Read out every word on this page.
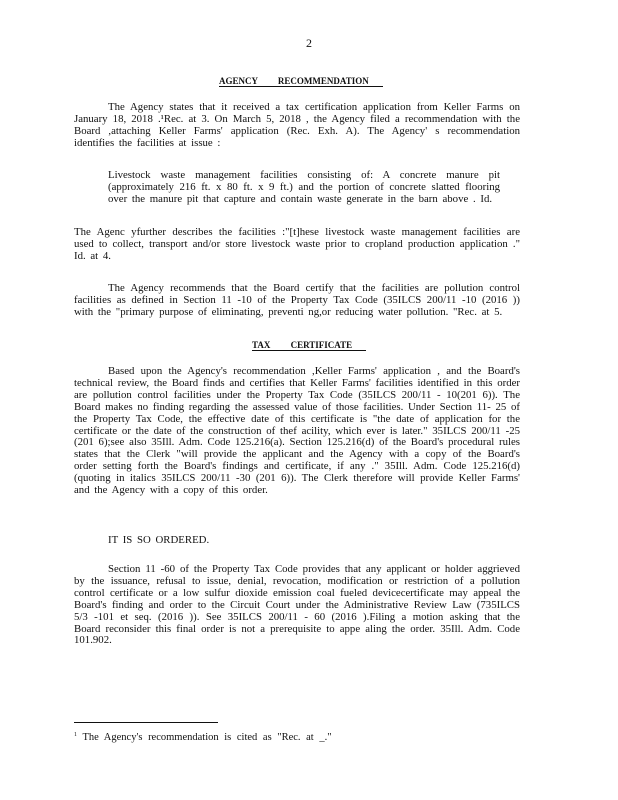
2
AGENCY RECOMMENDATION

The Agency states that it received a tax certification application from Keller Farms on January 18, 2018 .¹Rec. at 3. On March 5, 2018 , the Agency filed a recommendation with the Board ,attaching Keller Farms' application (Rec. Exh. A). The Agency' s recommendation identifies the facilities at issue :

Livestock waste management facilities consisting of: A concrete manure pit (approximately 216 ft. x 80 ft. x 9 ft.) and the portion of concrete slatted flooring over the manure pit that capture and contain waste generate in the barn above . Id.

The Agenc yfurther describes the facilities :"[t]hese livestock waste management facilities are used to collect, transport and/or store livestock waste prior to cropland production application ." Id. at 4.

The Agency recommends that the Board certify that the facilities are pollution control facilities as defined in Section 11 -10 of the Property Tax Code (35ILCS 200/11 -10 (2016 )) with the "primary purpose of eliminating, preventi ng,or reducing water pollution. "Rec. at 5.

TAX CERTIFICATE

Based upon the Agency's recommendation ,Keller Farms' application , and the Board's technical review, the Board finds and certifies that Keller Farms' facilities identified in this order are pollution control facilities under the Property Tax Code (35ILCS 200/11 - 10(201 6)). The Board makes no finding regarding the assessed value of those facilities. Under Section 11- 25 of the Property Tax Code, the effective date of this certificate is "the date of application for the certificate or the date of the construction of thef acility, which ever is later." 35ILCS 200/11 -25 (201 6);see also 35Ill. Adm. Code 125.216(a). Section 125.216(d) of the Board's procedural rules states that the Clerk "will provide the applicant and the Agency with a copy of the Board's order setting forth the Board's findings and certificate, if any ." 35Ill. Adm. Code 125.216(d) (quoting in italics 35ILCS 200/11 -30 (201 6)). The Clerk therefore will provide Keller Farms' and the Agency with a copy of this order.

IT IS SO ORDERED.

Section 11 -60 of the Property Tax Code provides that any applicant or holder aggrieved by the issuance, refusal to issue, denial, revocation, modification or restriction of a pollution control certificate or a low sulfur dioxide emission coal fueled devicecertificate may appeal the Board's finding and order to the Circuit Court under the Administrative Review Law (735ILCS 5/3 -101 et seq. (2016 )). See 35ILCS 200/11 - 60 (2016 ).Filing a motion asking that the Board reconsider this final order is not a prerequisite to appe aling the order. 35Ill. Adm. Code 101.902.

$^1$ The Agency's recommendation is cited as "Rec. at _."
